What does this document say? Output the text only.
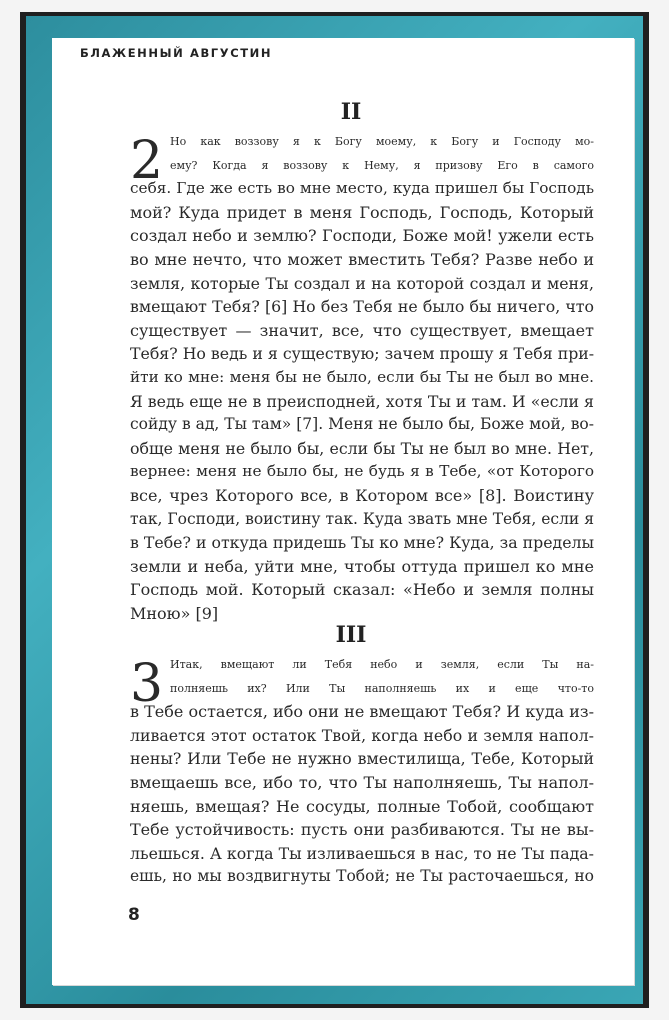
БЛАЖЕННЫЙ АВГУСТИН
II
2 Но как воззову я к Богу моему, к Богу и Господу мо-
ему? Когда я воззову к Нему, я призову Его в самого
себя. Где же есть во мне место, куда пришел бы Господь
мой? Куда придет в меня Господь, Господь, Который
создал небо и землю? Господи, Боже мой! ужели есть
во мне нечто, что может вместить Тебя? Разве небо и
земля, которые Ты создал и на которой создал и меня,
вмещают Тебя? [6] Но без Тебя не было бы ничего, что
существует — значит, все, что существует, вмещает
Тебя? Но ведь и я существую; зачем прошу я Тебя при-
йти ко мне: меня бы не было, если бы Ты не был во мне.
Я ведь еще не в преисподней, хотя Ты и там. И «если я
сойду в ад, Ты там» [7]. Меня не было бы, Боже мой, во-
обще меня не было бы, если бы Ты не был во мне. Нет,
вернее: меня не было бы, не будь я в Тебе, «от Которого
все, чрез Которого все, в Котором все» [8]. Воистину
так, Господи, воистину так. Куда звать мне Тебя, если я
в Тебе? и откуда придешь Ты ко мне? Куда, за пределы
земли и неба, уйти мне, чтобы оттуда пришел ко мне
Господь мой. Который сказал: «Небо и земля полны
Мною» [9]
III
3 Итак, вмещают ли Тебя небо и земля, если Ты на-
полняешь их? Или Ты наполняешь их и еще что-то
в Тебе остается, ибо они не вмещают Тебя? И куда из-
ливается этот остаток Твой, когда небо и земля напол-
нены? Или Тебе не нужно вместилища, Тебе, Который
вмещаешь все, ибо то, что Ты наполняешь, Ты напол-
няешь, вмещая? Не сосуды, полные Тобой, сообщают
Тебе устойчивость: пусть они разбиваются. Ты не вы-
льешься. А когда Ты изливаешься в нас, то не Ты пада-
ешь, но мы воздвигнуты Тобой; не Ты расточаешься, но
8
